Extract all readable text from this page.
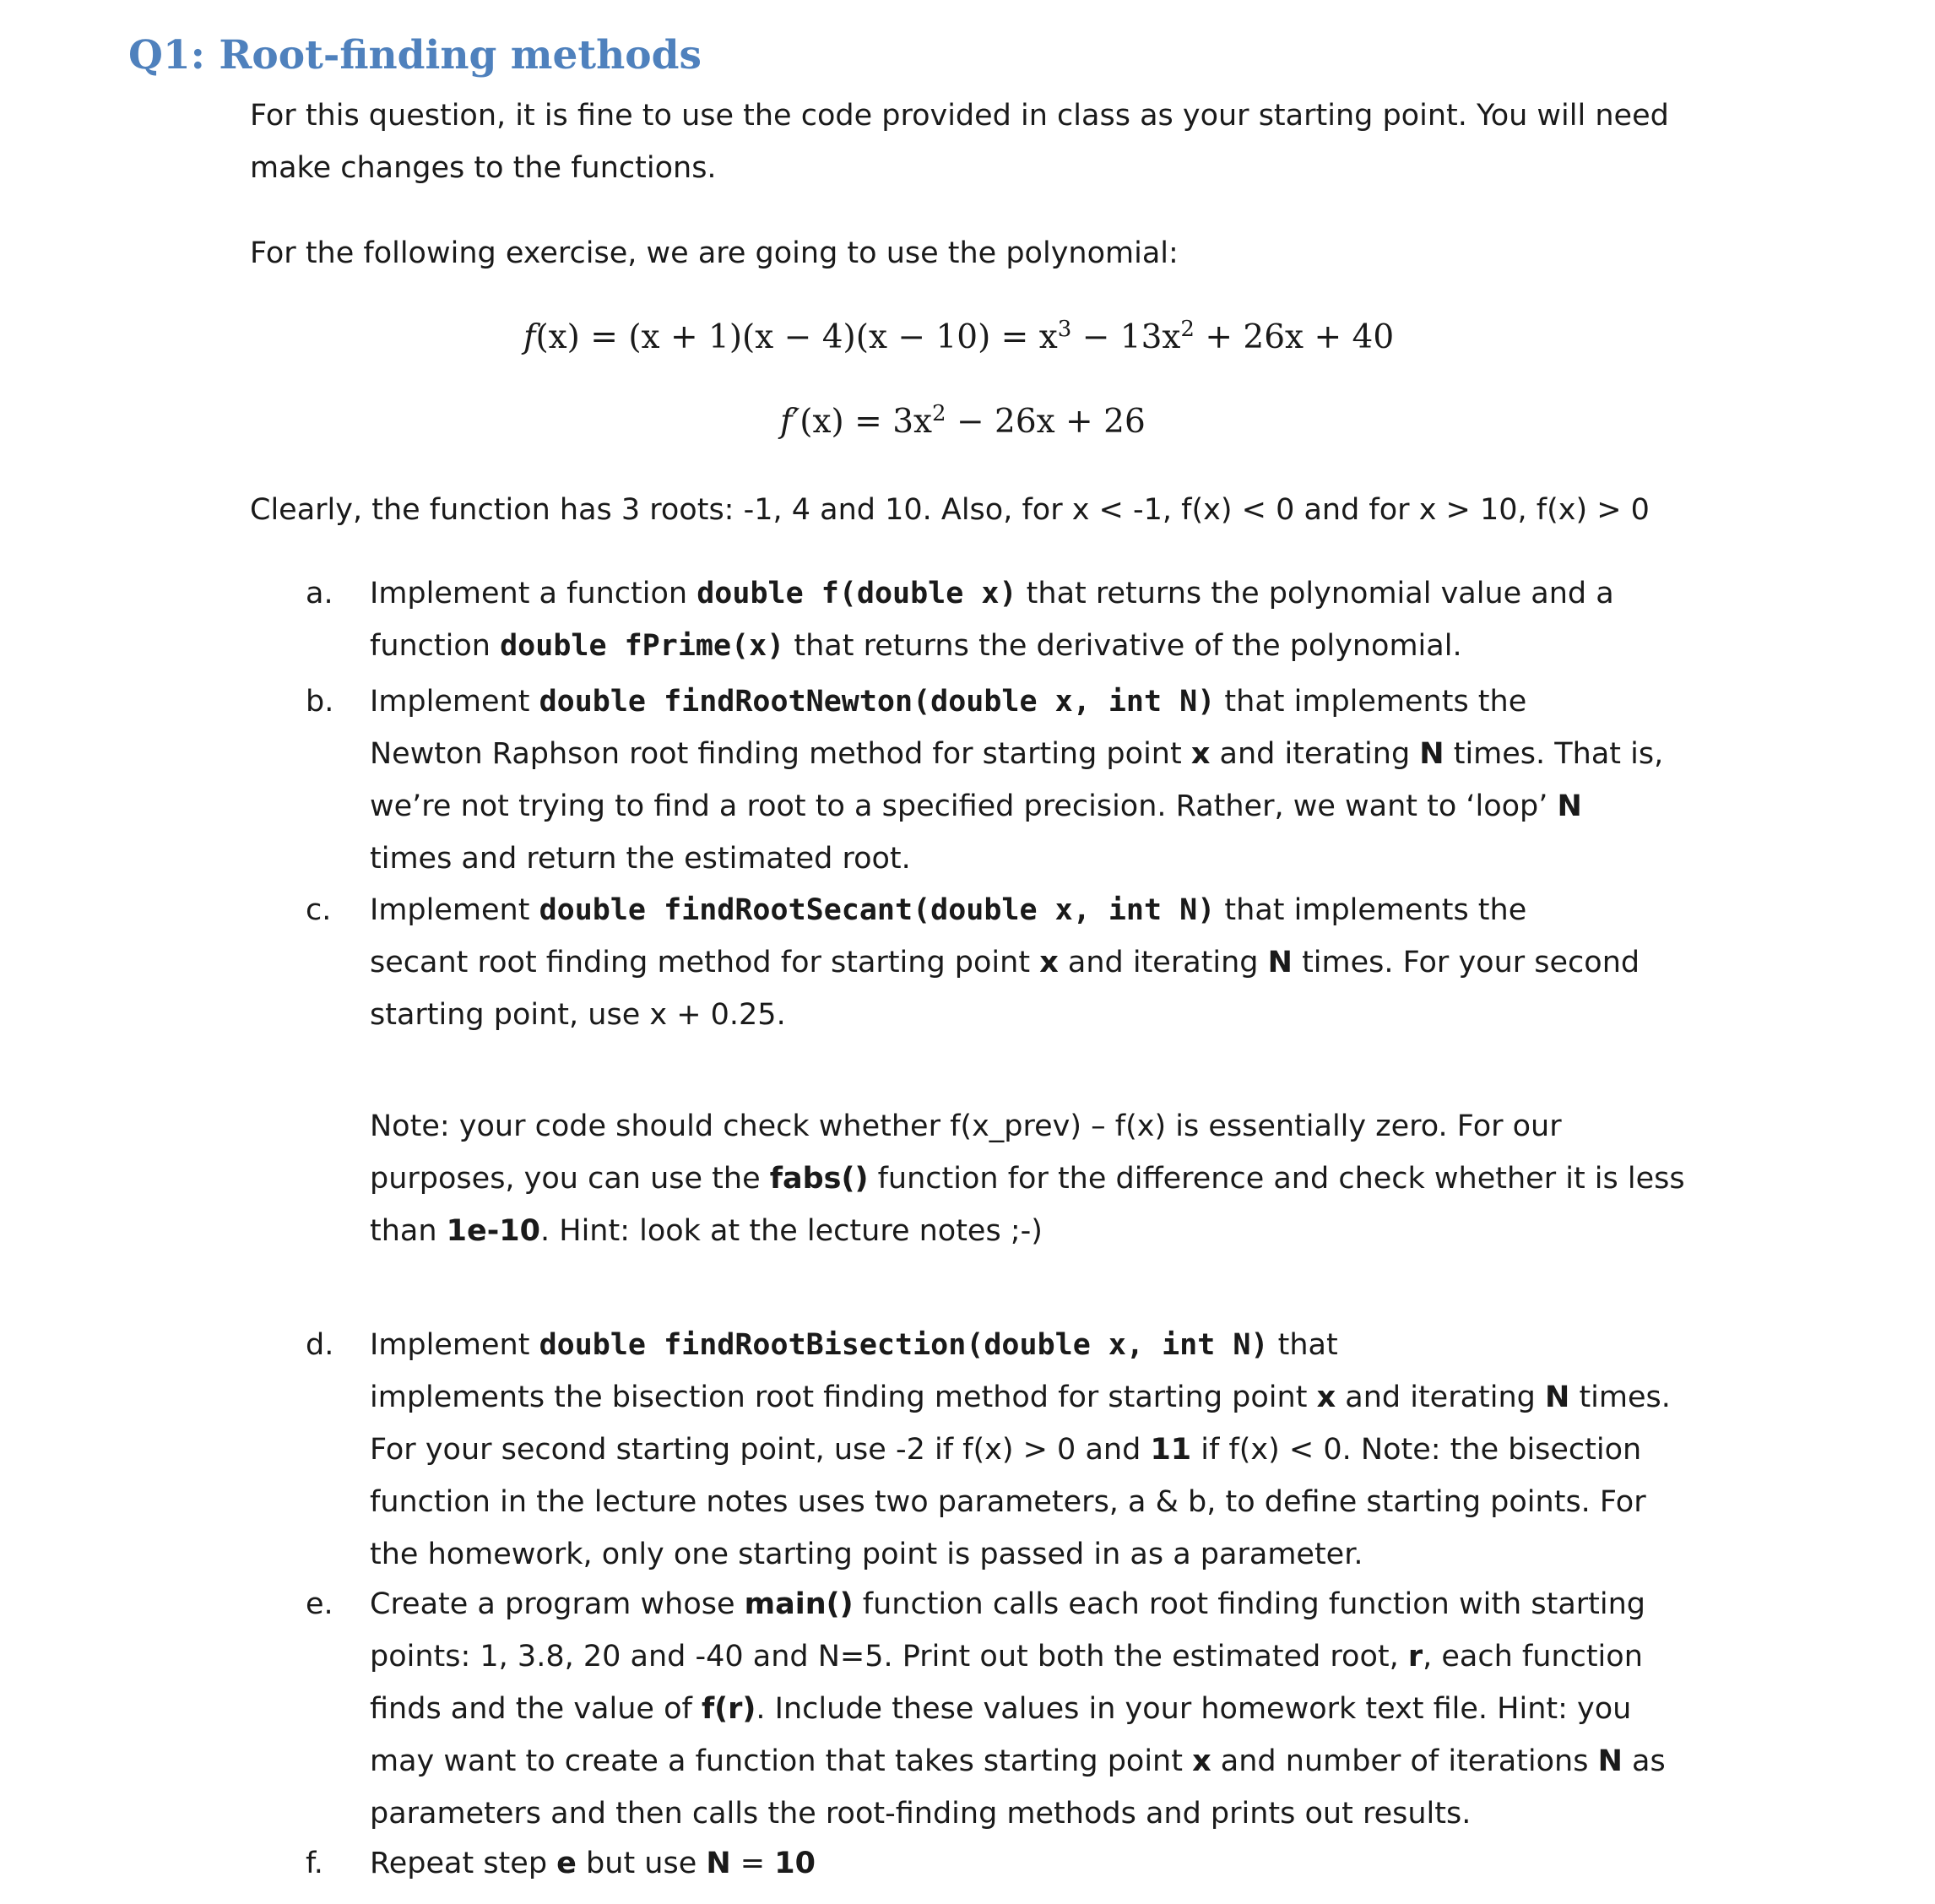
Q1: Root-finding methods

For this question, it is fine to use the code provided in class as your starting point. You will need
make changes to the functions.

For the following exercise, we are going to use the polynomial:

$f(x) = (x + 1)(x - 4)(x - 10) = x^3 - 13x^2 + 26x + 40$
$f'(x) = 3x^2 - 26x + 26$

Clearly, the function has 3 roots: -1, 4 and 10. Also, for x < -1, f(x) < 0 and for x > 10, f(x) > 0

a.	Implement a function double f(double x) that returns the polynomial value and a
function double fPrime(x) that returns the derivative of the polynomial.
b.	Implement double findRootNewton(double x, int N) that implements the
Newton Raphson root finding method for starting point x and iterating N times. That is,
we’re not trying to find a root to a specified precision. Rather, we want to ‘loop’ N
times and return the estimated root.
c.	Implement double findRootSecant(double x, int N) that implements the
secant root finding method for starting point x and iterating N times. For your second
starting point, use x + 0.25.
Note: your code should check whether f(x_prev) – f(x) is essentially zero. For our
purposes, you can use the fabs() function for the difference and check whether it is less
than 1e-10. Hint: look at the lecture notes ;-)
d.	Implement double findRootBisection(double x, int N) that
implements the bisection root finding method for starting point x and iterating N times.
For your second starting point, use -2 if f(x) > 0 and 11 if f(x) < 0. Note: the bisection
function in the lecture notes uses two parameters, a & b, to define starting points. For
the homework, only one starting point is passed in as a parameter.
e.	Create a program whose main() function calls each root finding function with starting
points: 1, 3.8, 20 and -40 and N=5. Print out both the estimated root, r, each function
finds and the value of f(r). Include these values in your homework text file. Hint: you
may want to create a function that takes starting point x and number of iterations N as
parameters and then calls the root-finding methods and prints out results.
f.	Repeat step e but use N = 10
